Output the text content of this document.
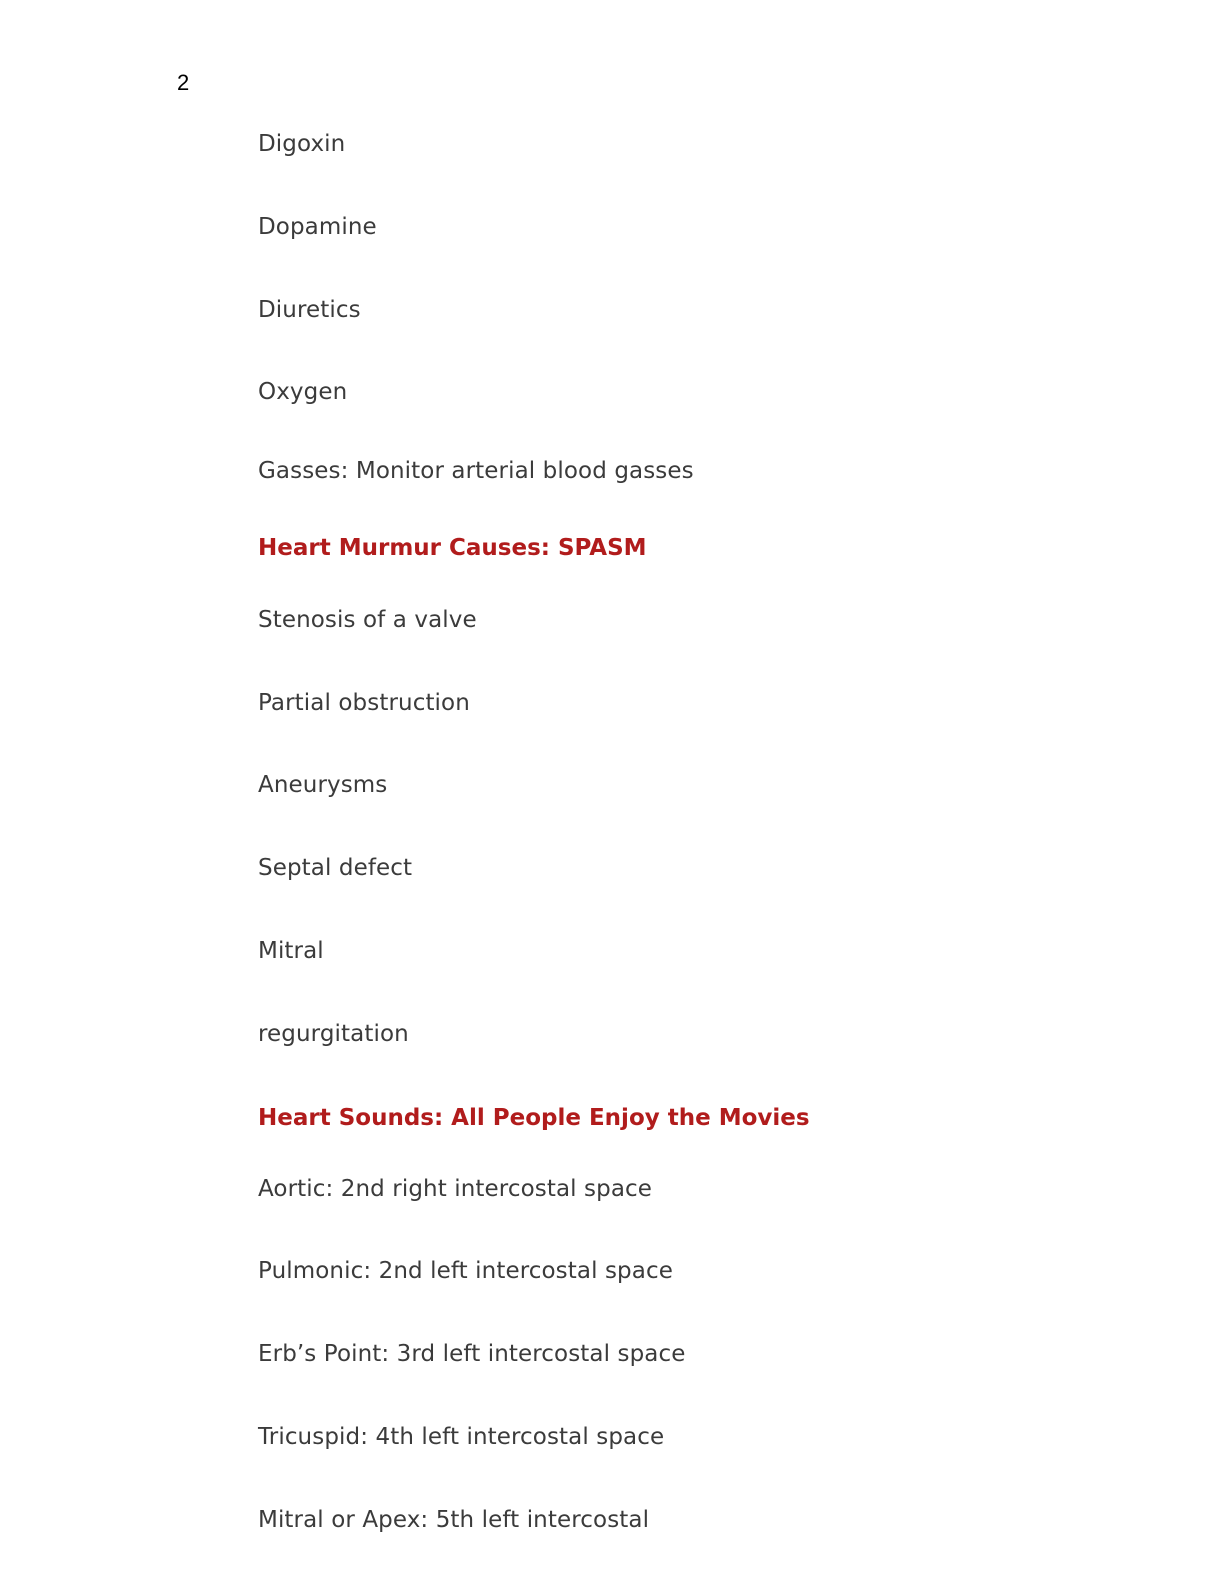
2
Digoxin
Dopamine
Diuretics
Oxygen
Gasses: Monitor arterial blood gasses
Heart Murmur Causes: SPASM
Stenosis of a valve
Partial obstruction
Aneurysms
Septal defect
Mitral
regurgitation
Heart Sounds: All People Enjoy the Movies
Aortic: 2nd right intercostal space
Pulmonic: 2nd left intercostal space
Erb’s Point: 3rd left intercostal space
Tricuspid: 4th left intercostal space
Mitral or Apex: 5th left intercostal
